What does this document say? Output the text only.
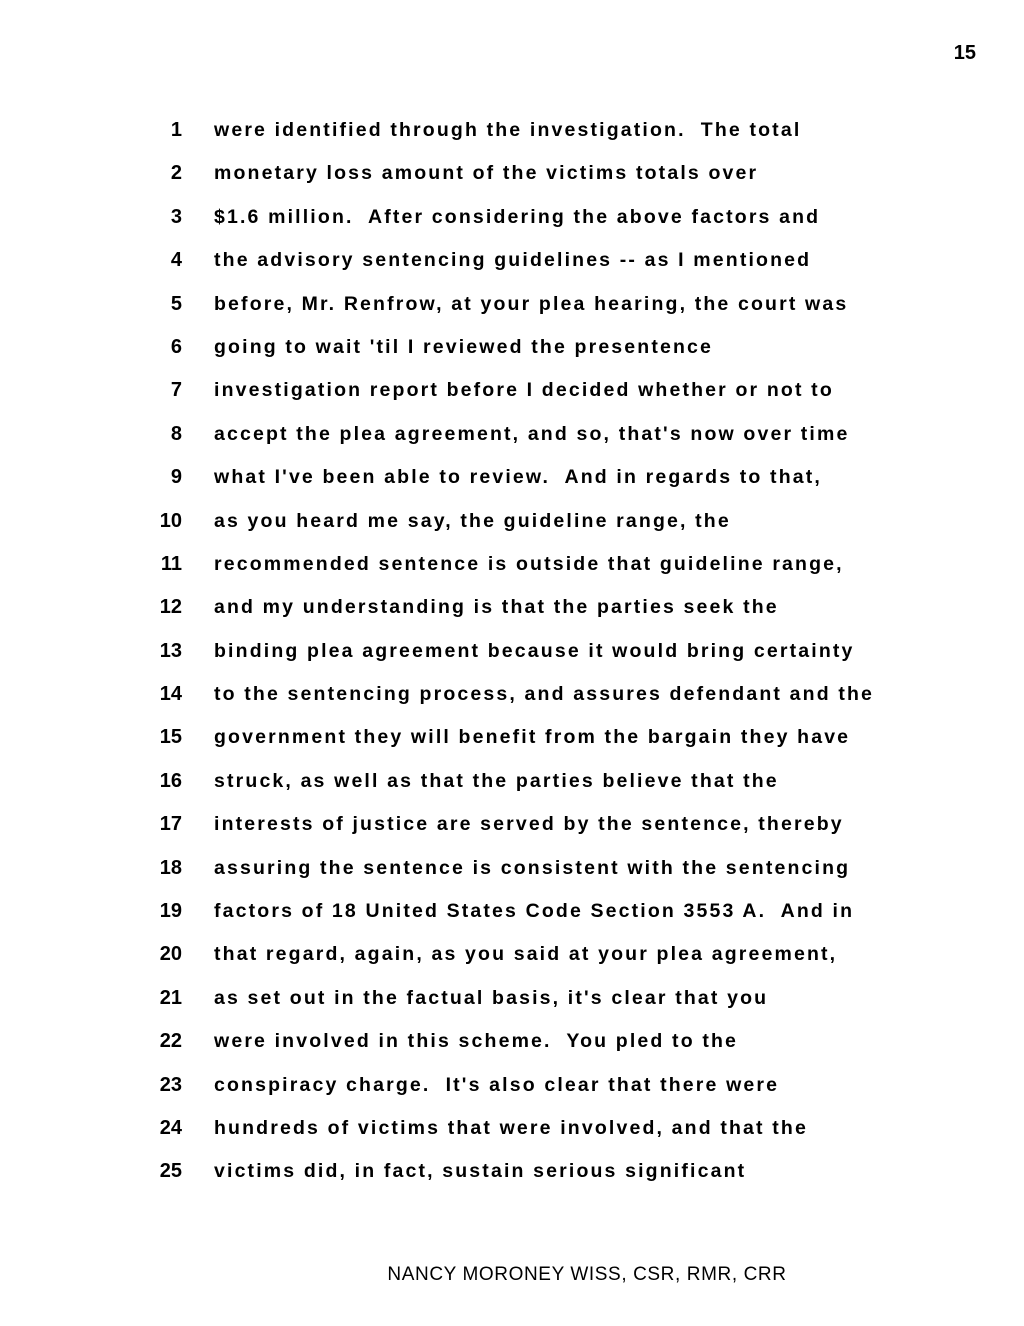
15
1 were identified through the investigation.  The total
2 monetary loss amount of the victims totals over
3 $1.6 million.  After considering the above factors and
4 the advisory sentencing guidelines -- as I mentioned
5 before, Mr. Renfrow, at your plea hearing, the court was
6 going to wait 'til I reviewed the presentence
7 investigation report before I decided whether or not to
8 accept the plea agreement, and so, that's now over time
9 what I've been able to review.  And in regards to that,
10 as you heard me say, the guideline range, the
11 recommended sentence is outside that guideline range,
12 and my understanding is that the parties seek the
13 binding plea agreement because it would bring certainty
14 to the sentencing process, and assures defendant and the
15 government they will benefit from the bargain they have
16 struck, as well as that the parties believe that the
17 interests of justice are served by the sentence, thereby
18 assuring the sentence is consistent with the sentencing
19 factors of 18 United States Code Section 3553 A.  And in
20 that regard, again, as you said at your plea agreement,
21 as set out in the factual basis, it's clear that you
22 were involved in this scheme.  You pled to the
23 conspiracy charge.  It's also clear that there were
24 hundreds of victims that were involved, and that the
25 victims did, in fact, sustain serious significant
NANCY MORONEY WISS, CSR, RMR, CRR
